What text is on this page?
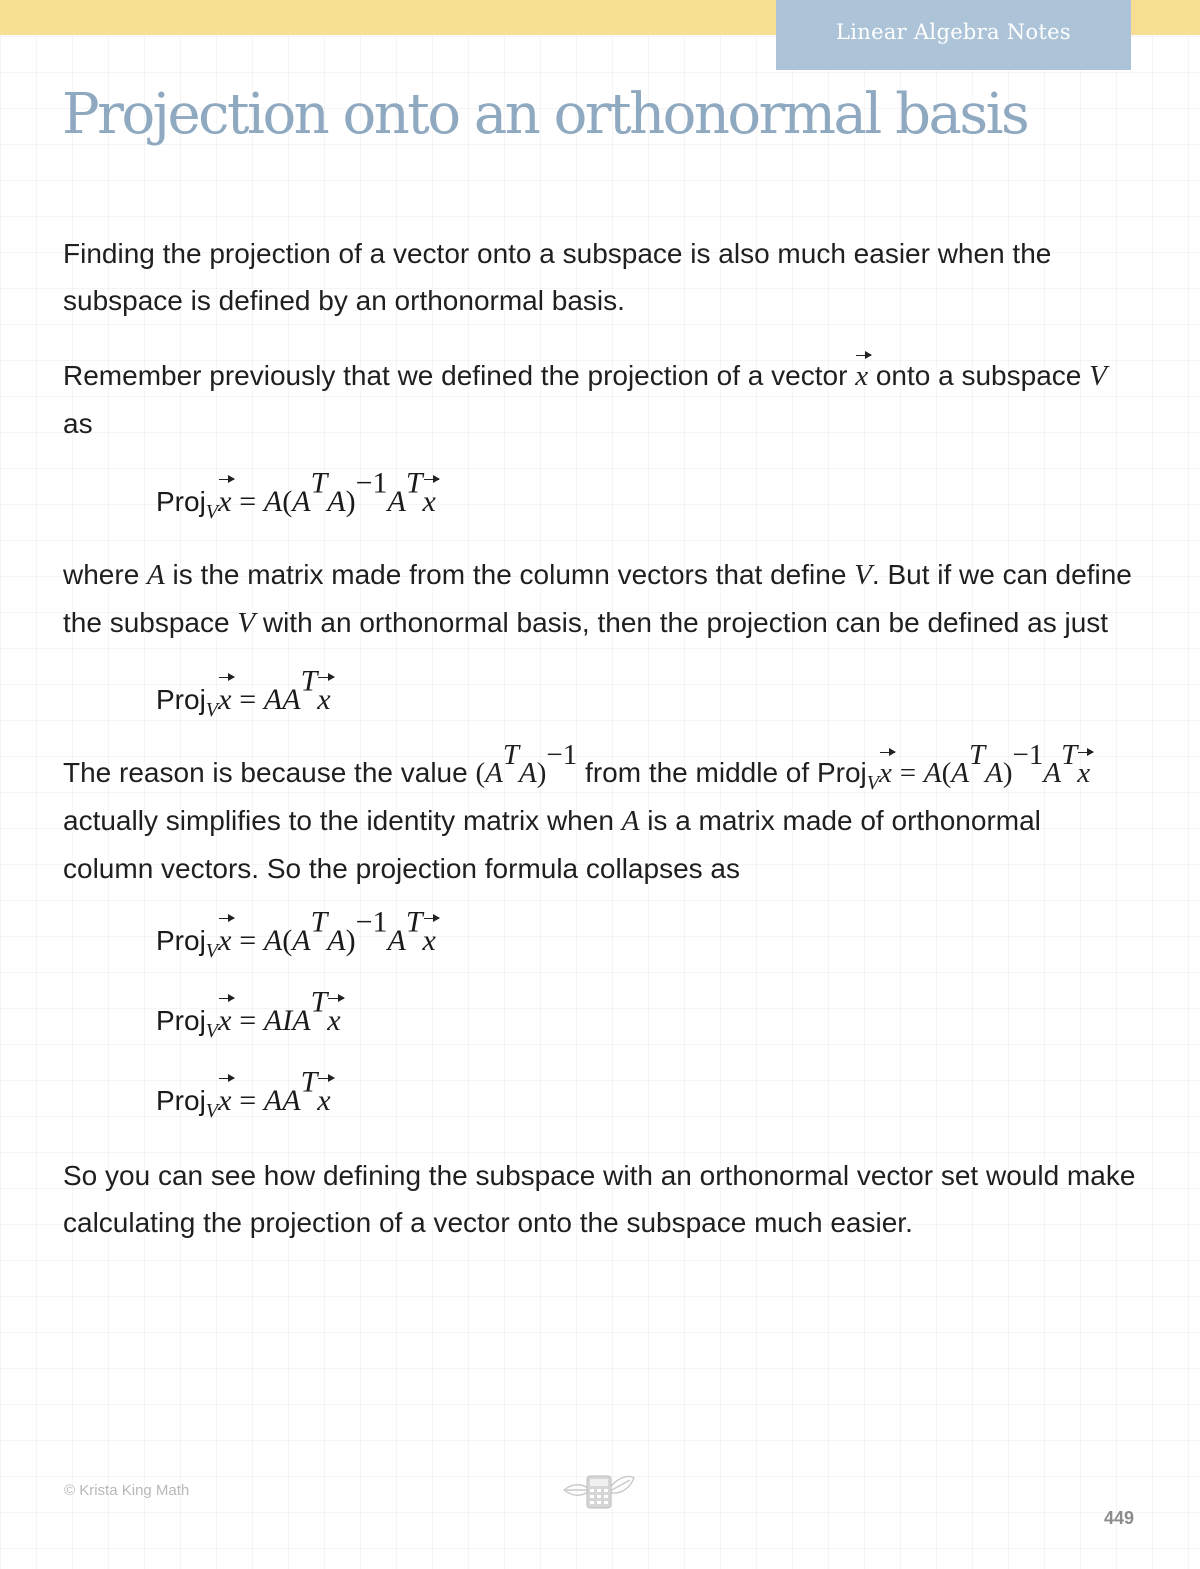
Linear Algebra Notes
Projection onto an orthonormal basis

Finding the projection of a vector onto a subspace is also much easier when the subspace is defined by an orthonormal basis.

Remember previously that we defined the projection of a vector x onto a subspace V as

Proj$_V$x = $A(A^TA)^{-1}A^Tx$

where A is the matrix made from the column vectors that define V. But if we can define the subspace V with an orthonormal basis, then the projection can be defined as just

Proj$_V$x = $AA^Tx$

The reason is because the value $(A^TA)^{-1}$ from the middle of Proj$_V$x = $A(A^TA)^{-1}A^Tx$ actually simplifies to the identity matrix when A is a matrix made of orthonormal column vectors. So the projection formula collapses as

Proj$_V$x = $A(A^TA)^{-1}A^Tx$
Proj$_V$x = $AIA^Tx$
Proj$_V$x = $AA^Tx$

So you can see how defining the subspace with an orthonormal vector set would make calculating the projection of a vector onto the subspace much easier.

© Krista King Math
449
